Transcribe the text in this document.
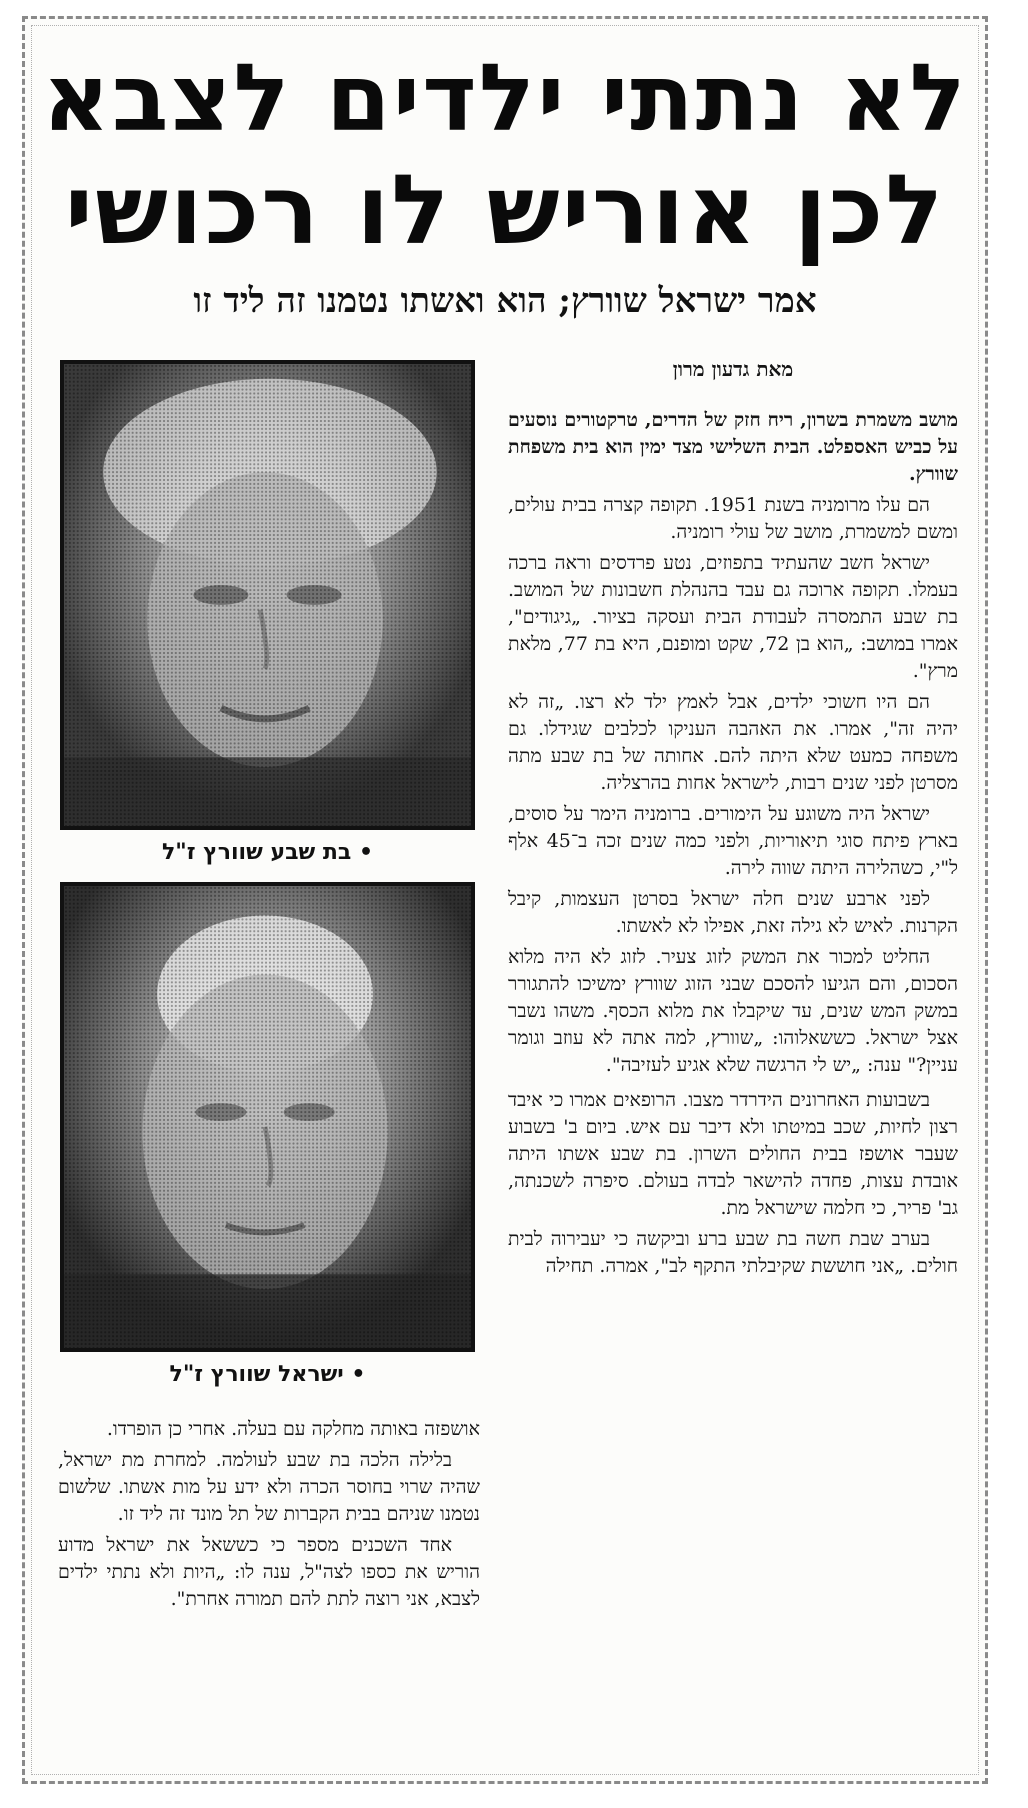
לא נתתי ילדים לצבא
לכן אוריש לו רכושי
אמר ישראל שוורץ; הוא ואשתו נטמנו זה ליד זו
• בת שבע שוורץ ז"ל
• ישראל שוורץ ז"ל
מאת גדעון מרון

מושב משמרת בשרון, ריח חזק של הדרים, טרקטורים נוסעים על כביש האספלט. הבית השלישי מצד ימין הוא בית משפחת שוורץ.

הם עלו מרומניה בשנת 1951. תקופה קצרה בבית עולים, ומשם למשמרת, מושב של עולי רומניה.

ישראל חשב שהעתיד בתפוזים, נטע פרדסים וראה ברכה בעמלו. תקופה ארוכה גם עבד בהנהלת חשבונות של המושב. בת שבע התמסרה לעבודת הבית ועסקה בציור. „גיגודים", אמרו במושב: „הוא בן 72, שקט ומופנם, היא בת 77, מלאת מרץ".

הם היו חשוכי ילדים, אבל לאמץ ילד לא רצו. „זה לא יהיה זה", אמרו. את האהבה העניקו לכלבים שגידלו. גם משפחה כמעט שלא היתה להם. אחותה של בת שבע מתה מסרטן לפני שנים רבות, לישראל אחות בהרצליה.

ישראל היה משוגע על הימורים. ברומניה הימר על סוסים, בארץ פיתח סוגי תיאוריות, ולפני כמה שנים זכה ב־45 אלף ל"י, כשהלירה היתה שווה לירה.

לפני ארבע שנים חלה ישראל בסרטן העצמות, קיבל הקרנות. לאיש לא גילה זאת, אפילו לא לאשתו.

החליט למכור את המשק לזוג צעיר. לזוג לא היה מלוא הסכום, והם הגיעו להסכם שבני הזוג שוורץ ימשיכו להתגורר במשק המש שנים, עד שיקבלו את מלוא הכסף. משהו נשבר אצל ישראל. כששאלוהו: „שוורץ, למה אתה לא עוזב וגומר עניין?" ענה: „יש לי הרגשה שלא אגיע לעזיבה".

בשבועות האחרונים הידרדר מצבו. הרופאים אמרו כי איבד רצון לחיות, שכב במיטתו ולא דיבר עם איש. ביום ב' בשבוע שעבר אושפז בבית החולים השרון. בת שבע אשתו היתה אובדת עצות, פחדה להישאר לבדה בעולם. סיפרה לשכנתה, גב' פריר, כי חלמה שישראל מת.

בערב שבת חשה בת שבע ברע וביקשה כי יעבירוה לבית חולים. „אני חוששת שקיבלתי התקף לב", אמרה. תחילה

אושפזה באותה מחלקה עם בעלה. אחרי כן הופרדו.

בלילה הלכה בת שבע לעולמה. למחרת מת ישראל, שהיה שרוי בחוסר הכרה ולא ידע על מות אשתו. שלשום נטמנו שניהם בבית הקברות של תל מונד זה ליד זו.

אחד השכנים מספר כי כששאל את ישראל מדוע הוריש את כספו לצה"ל, ענה לו: „היות ולא נתתי ילדים לצבא, אני רוצה לתת להם תמורה אחרת".
